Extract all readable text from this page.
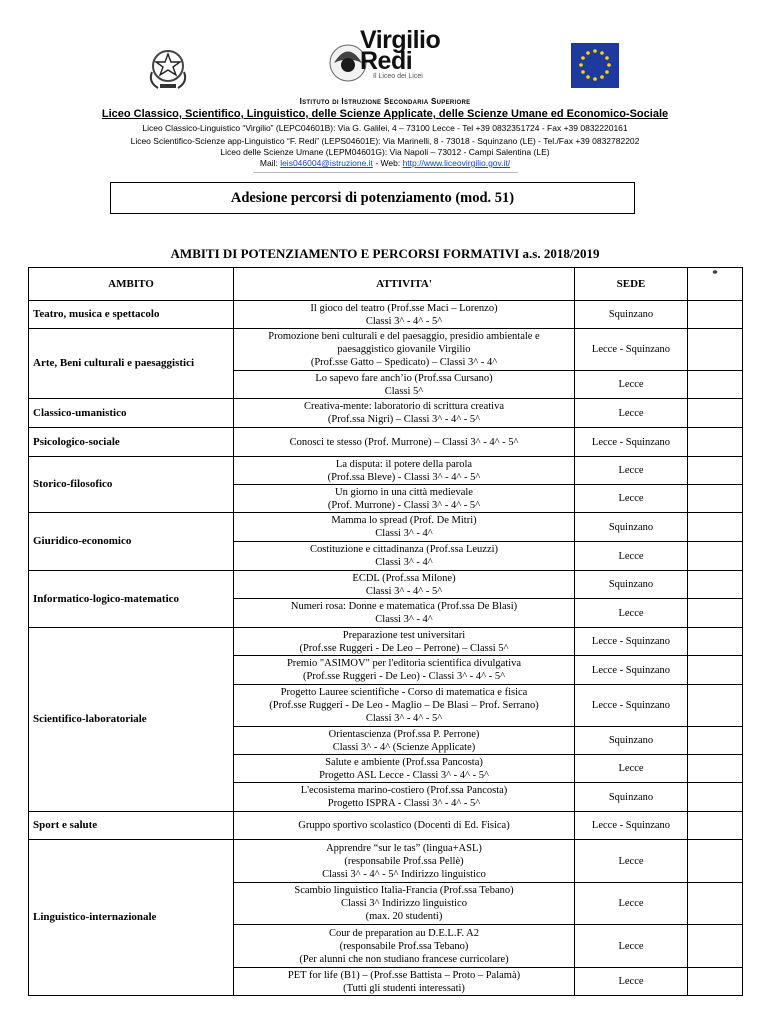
Virgilio
Redi
Il Liceo dei Licei
Istituto di Istruzione Secondaria Superiore
Liceo Classico, Scientifico, Linguistico, delle Scienze Applicate, delle Scienze Umane ed Economico-Sociale
Liceo Classico-Linguistico “Virgilio” (LEPC04601B): Via G. Galilei, 4 – 73100 Lecce - Tel +39 0832351724 - Fax +39 0832220161
Liceo Scientifico-Scienze app-Linguistico “F. Redi” (LEPS04601E): Via Marinelli, 8 - 73018 - Squinzano (LE) - Tel./Fax +39 0832782202
Liceo delle Scienze Umane (LEPM04601G): Via Napoli – 73012 - Campi Salentina (LE)
Mail: leis046004@istruzione.it - Web: http://www.liceovirgilio.gov.it/
Adesione percorsi di potenziamento (mod. 51)
AMBITI DI POTENZIAMENTO E PERCORSI FORMATIVI a.s. 2018/2019
AMBITO	ATTIVITA'	SEDE	*
Teatro, musica e spettacolo	Il gioco del teatro (Prof.sse Maci – Lorenzo)
Classi 3^ - 4^ - 5^	Squinzano	
Arte, Beni culturali e paesaggistici	Promozione beni culturali e del paesaggio, presidio ambientale e
paesaggistico giovanile Virgilio
(Prof.sse Gatto – Spedicato) – Classi 3^ - 4^	Lecce - Squinzano	

	Lo sapevo fare anch’io (Prof.ssa Cursano)
Classi 5^	Lecce	
Classico-umanistico	Creativa-mente: laboratorio di scrittura creativa
(Prof.ssa Nigri) – Classi 3^ - 4^ - 5^	Lecce	
Psicologico-sociale	Conosci te stesso (Prof. Murrone) – Classi 3^ - 4^ - 5^	Lecce - Squinzano	
Storico-filosofico	La disputa: il potere della parola
(Prof.ssa Bleve) - Classi 3^ - 4^ - 5^	Lecce	

	Un giorno in una città medievale
(Prof. Murrone) - Classi 3^ - 4^ - 5^	Lecce	
Giuridico-economico	Mamma lo spread (Prof. De Mitri)
Classi 3^ - 4^	Squinzano	

	Costituzione e cittadinanza (Prof.ssa Leuzzi)
Classi 3^ - 4^	Lecce	
Informatico-logico-matematico	ECDL (Prof.ssa Milone)
Classi 3^ - 4^ - 5^	Squinzano	

	Numeri rosa: Donne e matematica (Prof.ssa De Blasi)
Classi 3^ - 4^	Lecce	
Scientifico-laboratoriale	Preparazione test universitari
(Prof.sse Ruggeri - De Leo – Perrone) – Classi 5^	Lecce - Squinzano	

	Premio "ASIMOV" per l'editoria scientifica divulgativa
(Prof.sse Ruggeri - De Leo) - Classi 3^ - 4^ - 5^	Lecce - Squinzano	

	Progetto Lauree scientifiche - Corso di matematica e fisica
(Prof.sse Ruggeri - De Leo - Maglio – De Blasi – Prof. Serrano)
Classi 3^ - 4^ - 5^	Lecce - Squinzano	

	Orientascienza (Prof.ssa P. Perrone)
Classi 3^ - 4^ (Scienze Applicate)	Squinzano	

	Salute e ambiente (Prof.ssa Pancosta)
Progetto ASL Lecce - Classi 3^ - 4^ - 5^	Lecce	

	L'ecosistema marino-costiero (Prof.ssa Pancosta)
Progetto ISPRA - Classi 3^ - 4^ - 5^	Squinzano	
Sport e salute	Gruppo sportivo scolastico (Docenti di Ed. Fisica)	Lecce - Squinzano	
Linguistico-internazionale	Apprendre “sur le tas” (lingua+ASL)
(responsabile Prof.ssa Pellè)
Classi 3^ - 4^ - 5^ Indirizzo linguistico	Lecce	

	Scambio linguistico Italia-Francia (Prof.ssa Tebano)
Classi 3^ Indirizzo linguistico
(max. 20 studenti)	Lecce	

	Cour de preparation au D.E.L.F. A2
(responsabile Prof.ssa Tebano)
(Per alunni che non studiano francese curricolare)	Lecce	

	PET for life (B1) – (Prof.sse Battista – Proto – Palamà)
(Tutti gli studenti interessati)	Lecce	
